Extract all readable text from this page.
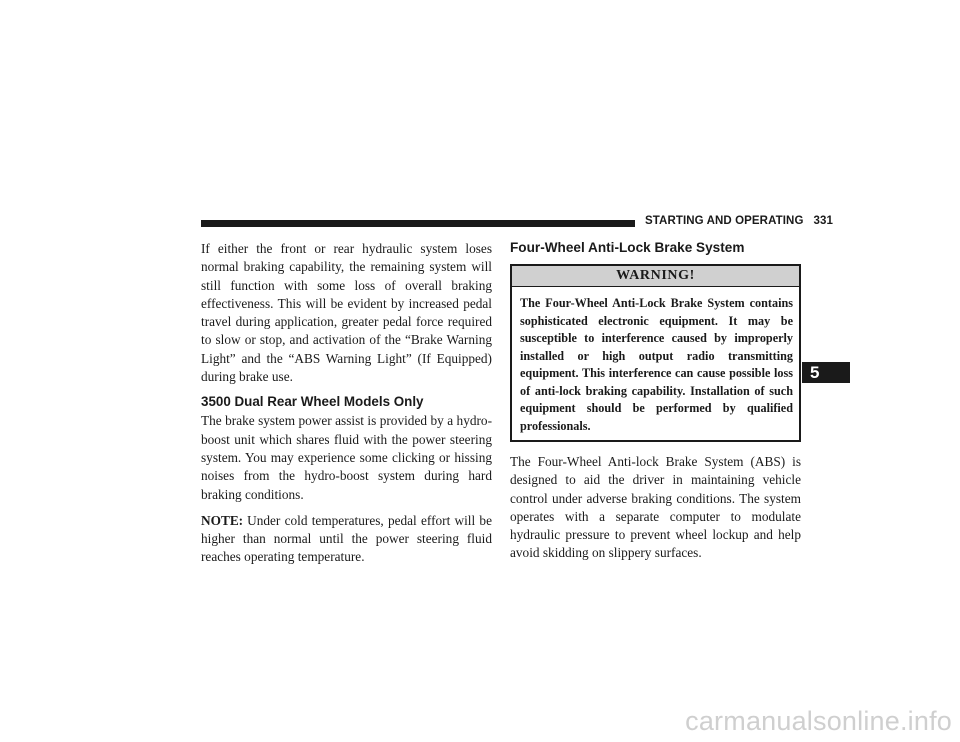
STARTING AND OPERATING 331

If either the front or rear hydraulic system loses normal braking capability, the remaining system will still function with some loss of overall braking effectiveness. This will be evident by increased pedal travel during application, greater pedal force required to slow or stop, and activation of the “Brake Warning Light” and the “ABS Warning Light” (If Equipped) during brake use.

3500 Dual Rear Wheel Models Only

The brake system power assist is provided by a hydro-boost unit which shares fluid with the power steering system. You may experience some clicking or hissing noises from the hydro-boost system during hard braking conditions.

NOTE: Under cold temperatures, pedal effort will be higher than normal until the power steering fluid reaches operating temperature.

Four-Wheel Anti-Lock Brake System
WARNING!
The Four-Wheel Anti-Lock Brake System contains sophisticated electronic equipment. It may be susceptible to interference caused by improperly installed or high output radio transmitting equipment. This interference can cause possible loss of anti-lock braking capability. Installation of such equipment should be performed by qualified professionals.

The Four-Wheel Anti-lock Brake System (ABS) is designed to aid the driver in maintaining vehicle control under adverse braking conditions. The system operates with a separate computer to modulate hydraulic pressure to prevent wheel lockup and help avoid skidding on slippery surfaces.

5
carmanualsonline.info
